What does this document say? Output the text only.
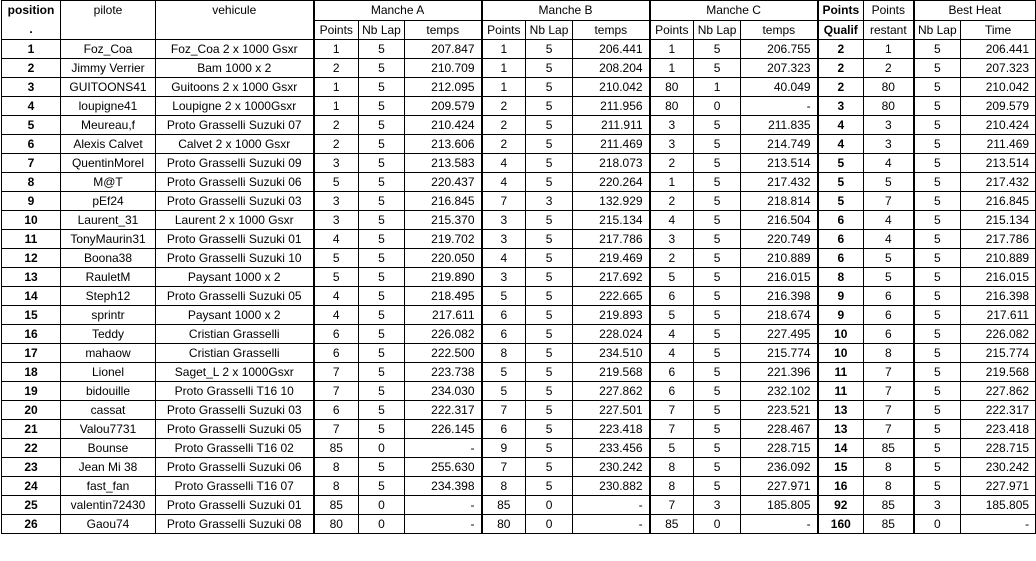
position
.	pilote	vehicule	Manche A			Manche B			Manche C			Points	Points	Best Heat	
			Points	Nb Lap	temps	Points	Nb Lap	temps	Points	Nb Lap	temps	Qualif	restant	Nb Lap	Time
1	Foz_Coa	Foz_Coa 2 x 1000 Gsxr	1	5	207.847	1	5	206.441	1	5	206.755	2	1	5	206.441
2	Jimmy Verrier	Bam 1000 x 2	2	5	210.709	1	5	208.204	1	5	207.323	2	2	5	207.323
3	GUITOONS41	Guitoons 2 x 1000 Gsxr	1	5	212.095	1	5	210.042	80	1	40.049	2	80	5	210.042
4	loupigne41	Loupigne 2 x 1000Gsxr	1	5	209.579	2	5	211.956	80	0	-	3	80	5	209.579
5	Meureau,f	Proto Grasselli Suzuki 07	2	5	210.424	2	5	211.911	3	5	211.835	4	3	5	210.424
6	Alexis Calvet	Calvet 2 x 1000 Gsxr	2	5	213.606	2	5	211.469	3	5	214.749	4	3	5	211.469
7	QuentinMorel	Proto Grasselli Suzuki 09	3	5	213.583	4	5	218.073	2	5	213.514	5	4	5	213.514
8	M@T	Proto Grasselli Suzuki 06	5	5	220.437	4	5	220.264	1	5	217.432	5	5	5	217.432
9	pEf24	Proto Grasselli Suzuki 03	3	5	216.845	7	3	132.929	2	5	218.814	5	7	5	216.845
10	Laurent_31	Laurent 2 x 1000 Gsxr	3	5	215.370	3	5	215.134	4	5	216.504	6	4	5	215.134
11	TonyMaurin31	Proto Grasselli Suzuki 01	4	5	219.702	3	5	217.786	3	5	220.749	6	4	5	217.786
12	Boona38	Proto Grasselli Suzuki 10	5	5	220.050	4	5	219.469	2	5	210.889	6	5	5	210.889
13	RauletM	Paysant 1000 x 2	5	5	219.890	3	5	217.692	5	5	216.015	8	5	5	216.015
14	Steph12	Proto Grasselli Suzuki 05	4	5	218.495	5	5	222.665	6	5	216.398	9	6	5	216.398
15	sprintr	Paysant 1000 x 2	4	5	217.611	6	5	219.893	5	5	218.674	9	6	5	217.611
16	Teddy	Cristian Grasselli	6	5	226.082	6	5	228.024	4	5	227.495	10	6	5	226.082
17	mahaow	Cristian Grasselli	6	5	222.500	8	5	234.510	4	5	215.774	10	8	5	215.774
18	Lionel	Saget_L 2 x 1000Gsxr	7	5	223.738	5	5	219.568	6	5	221.396	11	7	5	219.568
19	bidouille	Proto Grasselli T16 10	7	5	234.030	5	5	227.862	6	5	232.102	11	7	5	227.862
20	cassat	Proto Grasselli Suzuki 03	6	5	222.317	7	5	227.501	7	5	223.521	13	7	5	222.317
21	Valou7731	Proto Grasselli Suzuki 05	7	5	226.145	6	5	223.418	7	5	228.467	13	7	5	223.418
22	Bounse	Proto Grasselli T16 02	85	0	-	9	5	233.456	5	5	228.715	14	85	5	228.715
23	Jean Mi 38	Proto Grasselli Suzuki 06	8	5	255.630	7	5	230.242	8	5	236.092	15	8	5	230.242
24	fast_fan	Proto Grasselli T16 07	8	5	234.398	8	5	230.882	8	5	227.971	16	8	5	227.971
25	valentin72430	Proto Grasselli Suzuki 01	85	0	-	85	0	-	7	3	185.805	92	85	3	185.805
26	Gaou74	Proto Grasselli Suzuki 08	80	0	-	80	0	-	85	0	-	160	85	0	-
